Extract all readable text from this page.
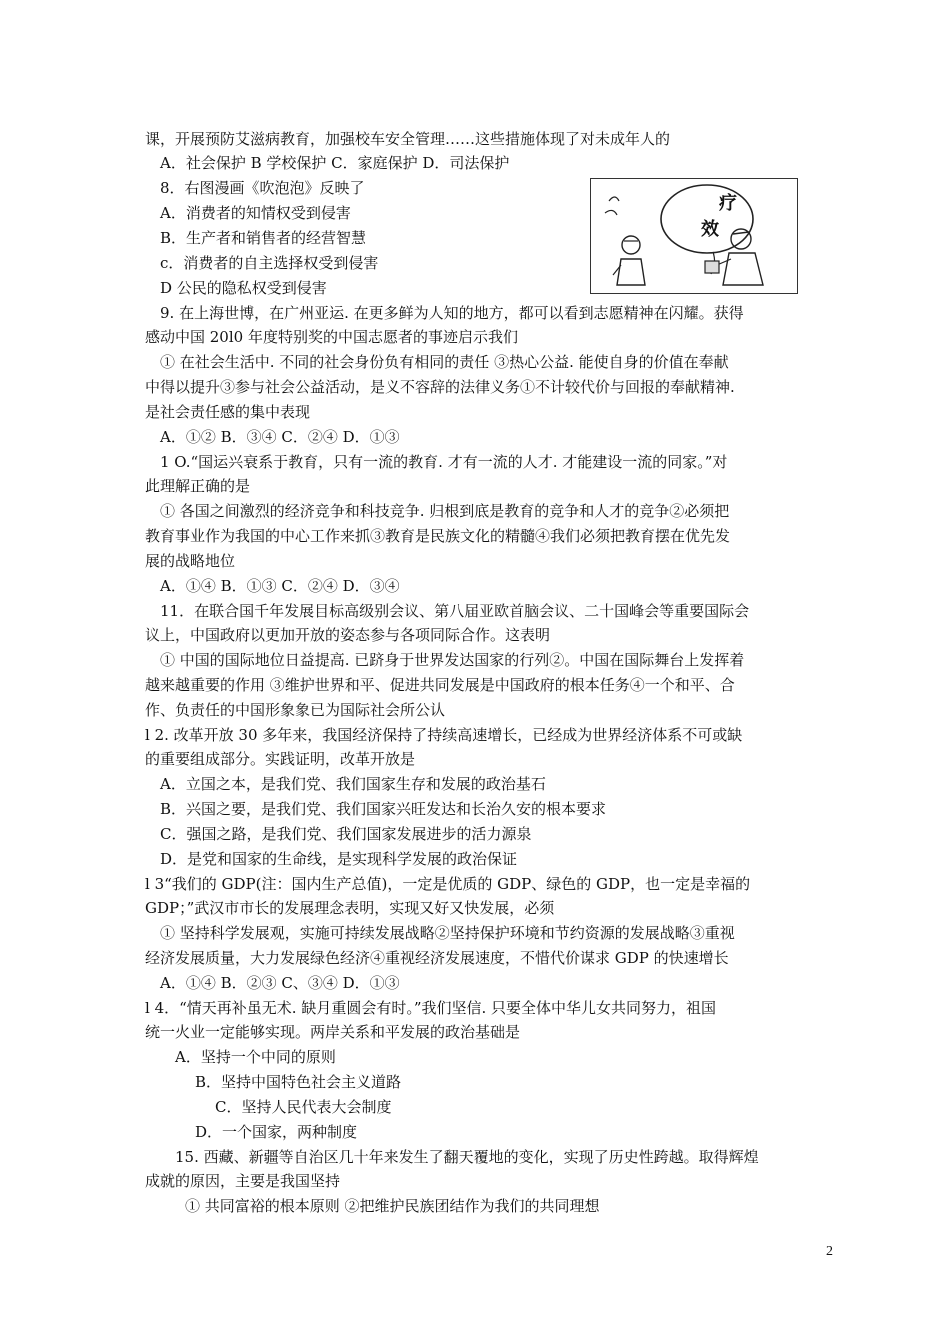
课，开展预防艾滋病教育，加强校车安全管理……这些措施体现了对未成年人的
A．社会保护 B 学校保护 C．家庭保护 D．司法保护
8．右图漫画《吹泡泡》反映了
A．消费者的知情权受到侵害
B．生产者和销售者的经营智慧
c．消费者的自主选择权受到侵害
D 公民的隐私权受到侵害
疗
效
9. 在上海世博，在广州亚运. 在更多鲜为人知的地方，都可以看到志愿精神在闪耀。获得
感动中国 20l0 年度特别奖的中国志愿者的事迹启示我们
① 在社会生活中. 不同的社会身份负有相同的责任 ③热心公益. 能使自身的价值在奉献
中得以提升③参与社会公益活动，是义不容辞的法律义务①不计较代价与回报的奉献精神.
是社会责任感的集中表现
A．①② B．③④ C．②④ D．①③
1 O.“国运兴衰系于教育，只有一流的教育. 才有一流的人才. 才能建设一流的同家。”对
此理解正确的是
① 各国之间激烈的经济竞争和科技竞争. 归根到底是教育的竞争和人才的竞争②必须把
教育事业作为我国的中心工作来抓③教育是民族文化的精髓④我们必须把教育摆在优先发
展的战略地位
A．①④ B．①③ C．②④ D．③④
11．在联合国千年发展目标高级别会议、第八届亚欧首脑会议、二十国峰会等重要国际会
议上，中国政府以更加开放的姿态参与各项同际合作。这表明
① 中国的国际地位日益提高. 已跻身于世界发达国家的行列②。中国在国际舞台上发挥着
越来越重要的作用 ③维护世界和平、促进共同发展是中国政府的根本任务④一个和平、合
作、负责任的中国形象象已为国际社会所公认
l 2. 改革开放 30 多年来，我国经济保持了持续高速增长，已经成为世界经济体系不可或缺
的重要组成部分。实践证明，改革开放是
A．立国之本，是我们党、我们国家生存和发展的政治基石
B．兴国之要，是我们党、我们国家兴旺发达和长治久安的根本要求
C．强国之路，是我们党、我们国家发展进步的活力源泉
D．是党和国家的生命线，是实现科学发展的政治保证
l 3“我们的 GDP(注：国内生产总值)，一定是优质的 GDP、绿色的 GDP，也一定是幸福的
GDP；”武汉市市长的发展理念表明，实现又好又快发展，必须
① 坚持科学发展观，实施可持续发展战略②坚持保护环境和节约资源的发展战略③重视
经济发展质量，大力发展绿色经济④重视经济发展速度，不惜代价谋求 GDP 的快速增长
A．①④ B．②③ C、③④ D．①③
l 4．“情天再补虽无术. 缺月重圆会有时。”我们坚信. 只要全体中华儿女共同努力，祖国
统一火业一定能够实现。两岸关系和平发展的政治基础是
A．坚持一个中同的原则
B．坚持中国特色社会主义道路
C．坚持人民代表大会制度
D．一个国家，两种制度
15. 西藏、新疆等自治区几十年来发生了翻天覆地的变化，实现了历史性跨越。取得辉煌
成就的原因，主要是我国坚持
① 共同富裕的根本原则 ②把维护民族团结作为我们的共同理想
2
